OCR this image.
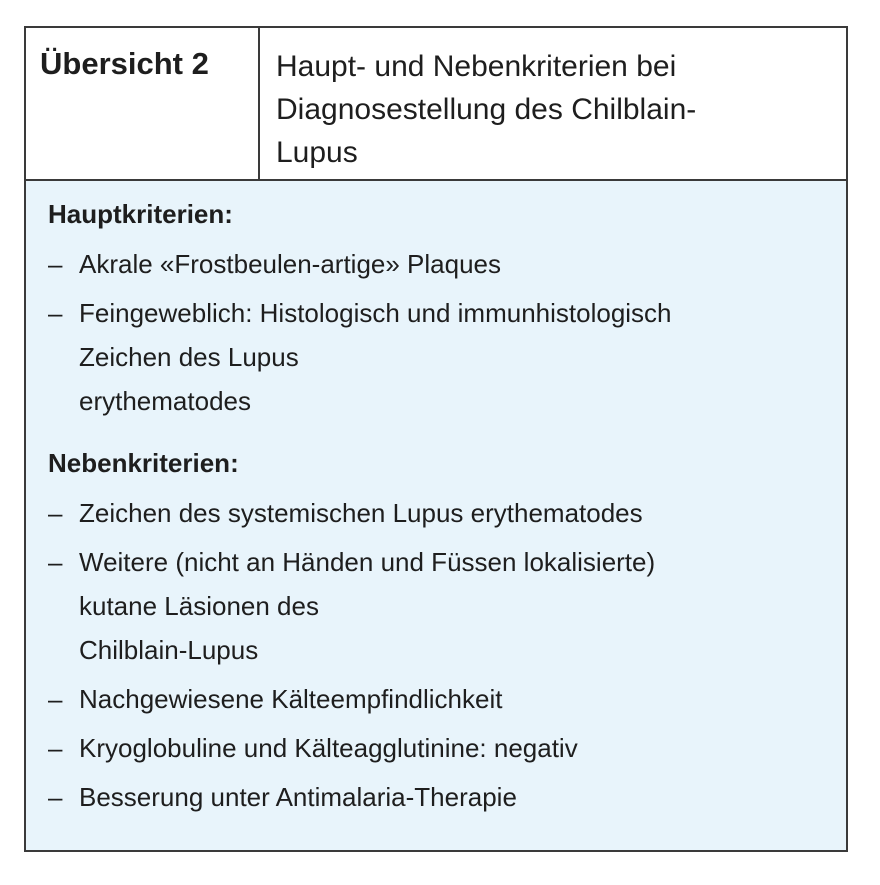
Übersicht 2	Haupt- und Nebenkriterien bei
Diagnosestellung des Chilblain-
Lupus
Hauptkriterien:
– Akrale «Frostbeulen-artige» Plaques
– Feingeweblich: Histologisch und immunhistologisch
Zeichen des Lupus
erythematodes
Nebenkriterien:
– Zeichen des systemischen Lupus erythematodes
– Weitere (nicht an Händen und Füssen lokalisierte)
kutane Läsionen des
Chilblain-Lupus
– Nachgewiesene Kälteempfindlichkeit
– Kryoglobuline und Kälteagglutinine: negativ
– Besserung unter Antimalaria-Therapie
